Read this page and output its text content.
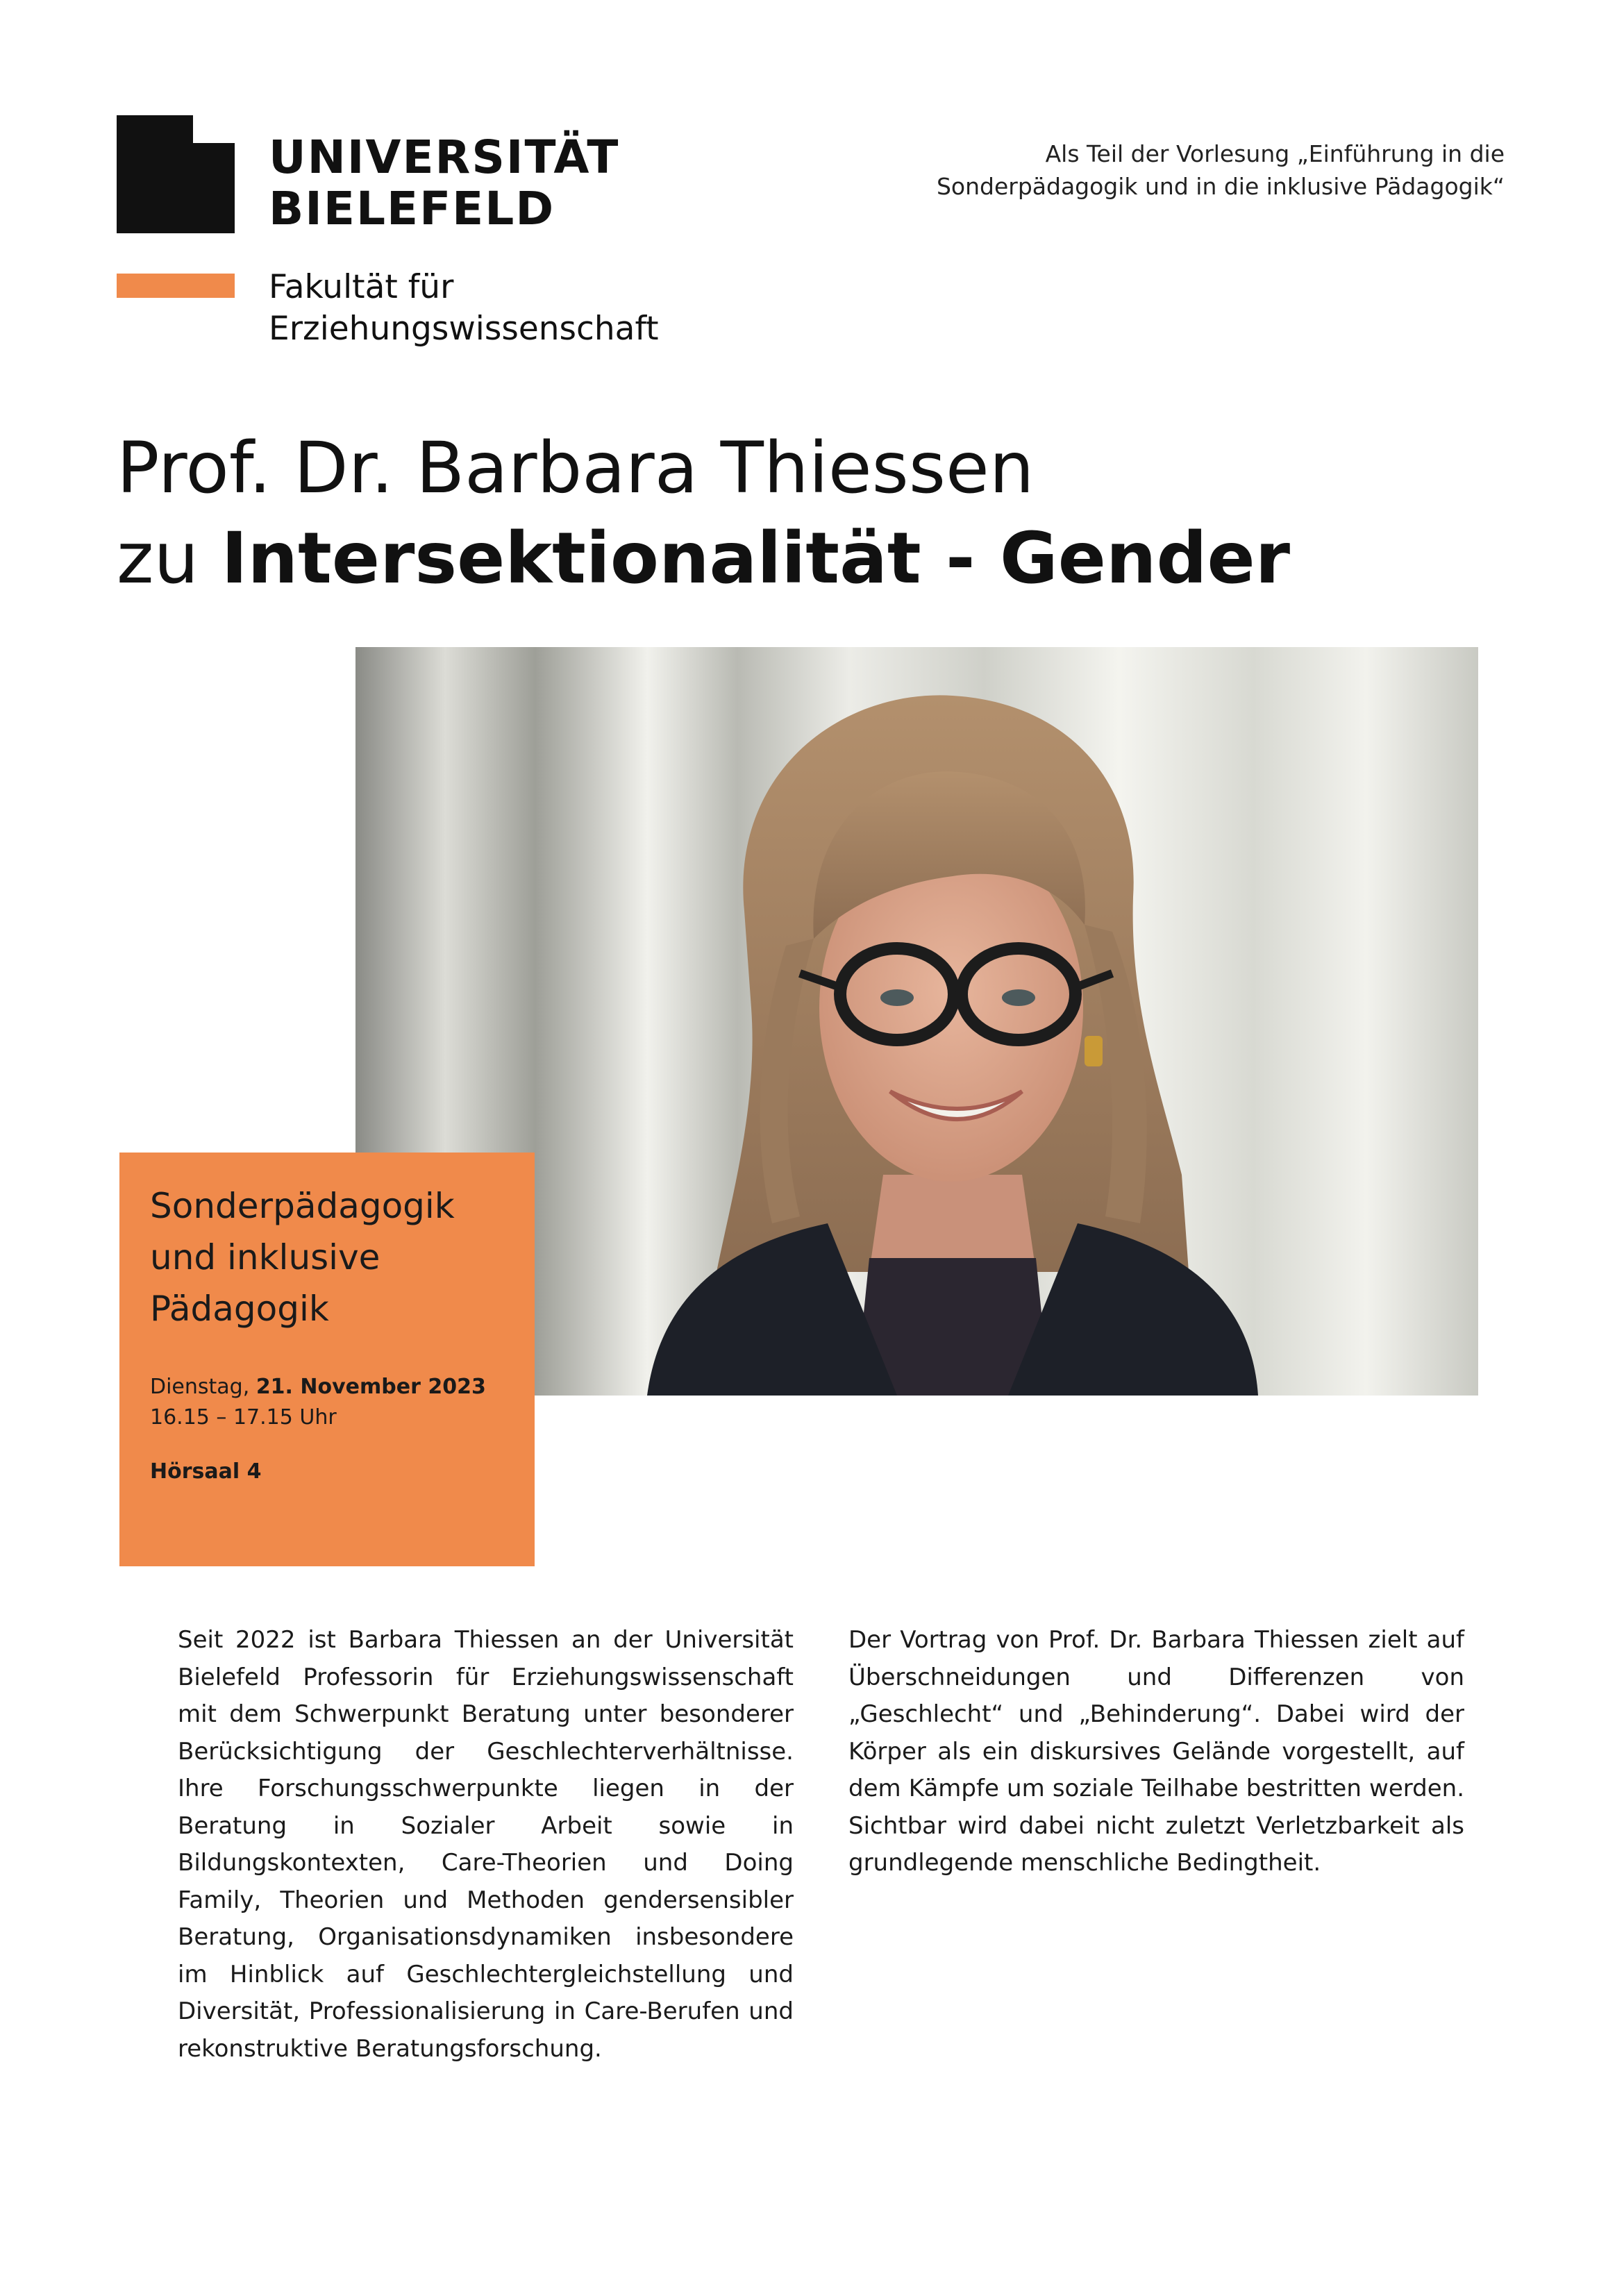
UNIVERSITÄT
BIELEFELD
Fakultät für
Erziehungswissenschaft
Als Teil der Vorlesung „Einführung in die
Sonderpädagogik und in die inklusive Pädagogik“
Prof. Dr. Barbara Thiessen
zu Intersektionalität - Gender
Sonderpädagogik
und inklusive
Pädagogik
Dienstag, 21. November 2023
16.15 – 17.15 Uhr
Hörsaal 4
Seit 2022 ist Barbara Thiessen an der Universität Bielefeld Professorin für Erziehungswissenschaft mit dem Schwerpunkt Beratung unter besonderer Berücksichtigung der Geschlechterverhältnisse. Ihre Forschungsschwerpunkte liegen in der Beratung in Sozialer Arbeit sowie in Bildungskontexten, Care-Theorien und Doing Family, Theorien und Methoden gendersensibler Beratung, Organisationsdynamiken insbesondere im Hinblick auf Geschlechtergleichstellung und Diversität, Professionalisierung in Care-Berufen und rekonstruktive Beratungsforschung.
Der Vortrag von Prof. Dr. Barbara Thiessen zielt auf Überschneidungen und Differenzen von „Geschlecht“ und „Behinderung“. Dabei wird der Körper als ein diskursives Gelände vorgestellt, auf dem Kämpfe um soziale Teilhabe bestritten werden. Sichtbar wird dabei nicht zuletzt Verletzbarkeit als grundlegende menschliche Bedingtheit.
